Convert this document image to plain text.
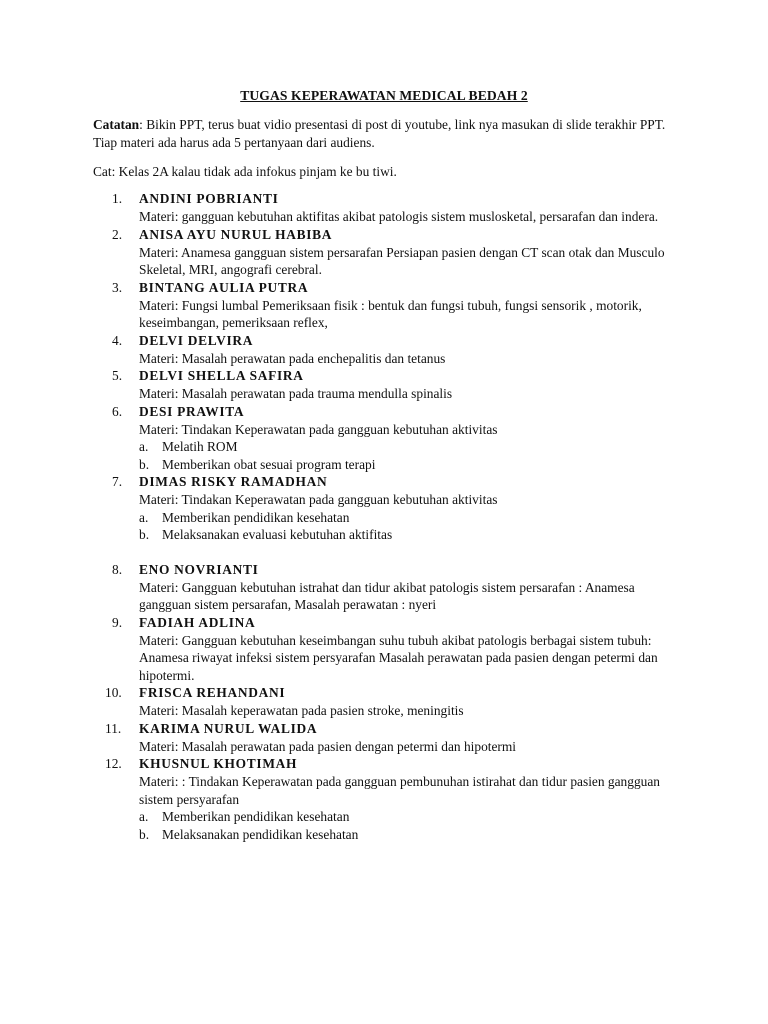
TUGAS KEPERAWATAN MEDICAL BEDAH 2
Catatan: Bikin PPT, terus buat vidio presentasi di post di youtube, link nya masukan di slide terakhir PPT. Tiap materi ada harus ada 5 pertanyaan dari audiens.
Cat: Kelas 2A kalau tidak ada infokus pinjam ke bu tiwi.
1.	ANDINI POBRIANTI
Materi: gangguan kebutuhan aktifitas akibat patologis sistem muslosketal, persarafan dan indera.
2.	ANISA AYU NURUL HABIBA
Materi: Anamesa gangguan sistem persarafan Persiapan pasien dengan CT scan otak dan Musculo Skeletal, MRI, angografi cerebral.
3.	BINTANG AULIA PUTRA
Materi: Fungsi lumbal Pemeriksaan fisik : bentuk dan fungsi tubuh, fungsi sensorik , motorik, keseimbangan, pemeriksaan reflex,
4.	DELVI DELVIRA
Materi: Masalah perawatan pada enchepalitis dan tetanus
5.	DELVI SHELLA SAFIRA
Materi: Masalah perawatan pada trauma mendulla spinalis
6.	DESI PRAWITA
Materi: Tindakan Keperawatan pada gangguan kebutuhan aktivitas
a. Melatih ROM
b. Memberikan obat sesuai program terapi
7.	DIMAS RISKY RAMADHAN
Materi: Tindakan Keperawatan pada gangguan kebutuhan aktivitas
a. Memberikan pendidikan kesehatan
b. Melaksanakan evaluasi kebutuhan aktifitas
8.	ENO NOVRIANTI
Materi: Gangguan kebutuhan istrahat dan tidur akibat patologis sistem persarafan : Anamesa gangguan sistem persarafan, Masalah perawatan : nyeri
9.	FADIAH ADLINA
Materi: Gangguan kebutuhan keseimbangan suhu tubuh akibat patologis berbagai sistem tubuh: Anamesa riwayat infeksi sistem persyarafan Masalah perawatan pada pasien dengan petermi dan hipotermi.
10.	FRISCA REHANDANI
Materi: Masalah keperawatan pada pasien stroke, meningitis
11.	KARIMA NURUL WALIDA
Materi: Masalah perawatan pada pasien dengan petermi dan hipotermi
12.	KHUSNUL KHOTIMAH
Materi: : Tindakan Keperawatan pada gangguan pembunuhan istirahat dan tidur pasien gangguan sistem persyarafan
a. Memberikan pendidikan kesehatan
b. Melaksanakan pendidikan kesehatan
